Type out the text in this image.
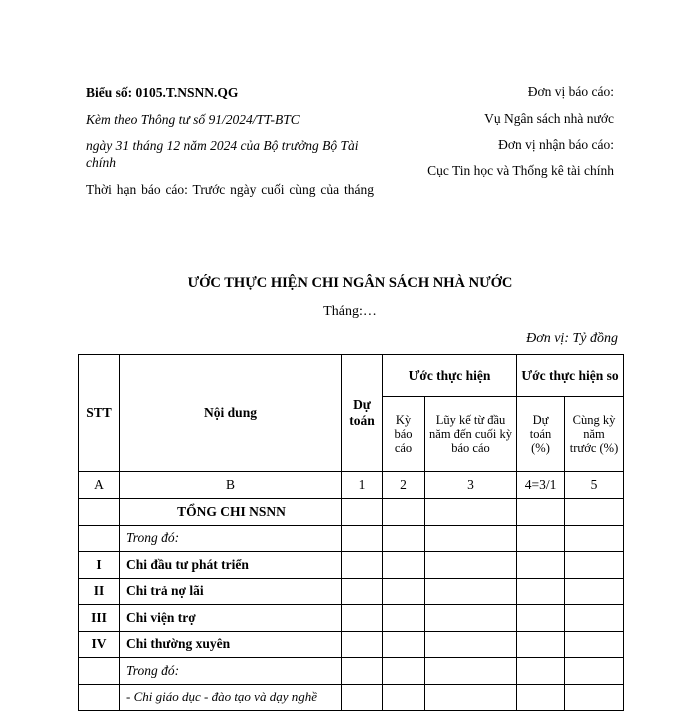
Biểu số: 0105.T.NSNN.QG
Kèm theo Thông tư số 91/2024/TT-BTC
ngày 31 tháng 12 năm 2024 của Bộ trưởng Bộ Tài chính
Thời hạn báo cáo: Trước ngày cuối cùng của tháng
Đơn vị báo cáo:
Vụ Ngân sách nhà nước
Đơn vị nhận báo cáo:
Cục Tin học và Thống kê tài chính
ƯỚC THỰC HIỆN CHI NGÂN SÁCH NHÀ NƯỚC
Tháng:…
Đơn vị: Tỷ đồng
STT	Nội dung	Dự toán	Ước thực hiện		Ước thực hiện so	
			Kỳ báo cáo	Lũy kế từ đầu năm đến cuối kỳ báo cáo	Dự toán (%)	Cùng kỳ năm trước (%)
A	B	1	2	3	4=3/1	5
	TỔNG CHI NSNN					
	Trong đó:					
I	Chi đầu tư phát triển					
II	Chi trả nợ lãi					
III	Chi viện trợ					
IV	Chi thường xuyên					
	Trong đó:					
	- Chi giáo dục - đào tạo và dạy nghề					
